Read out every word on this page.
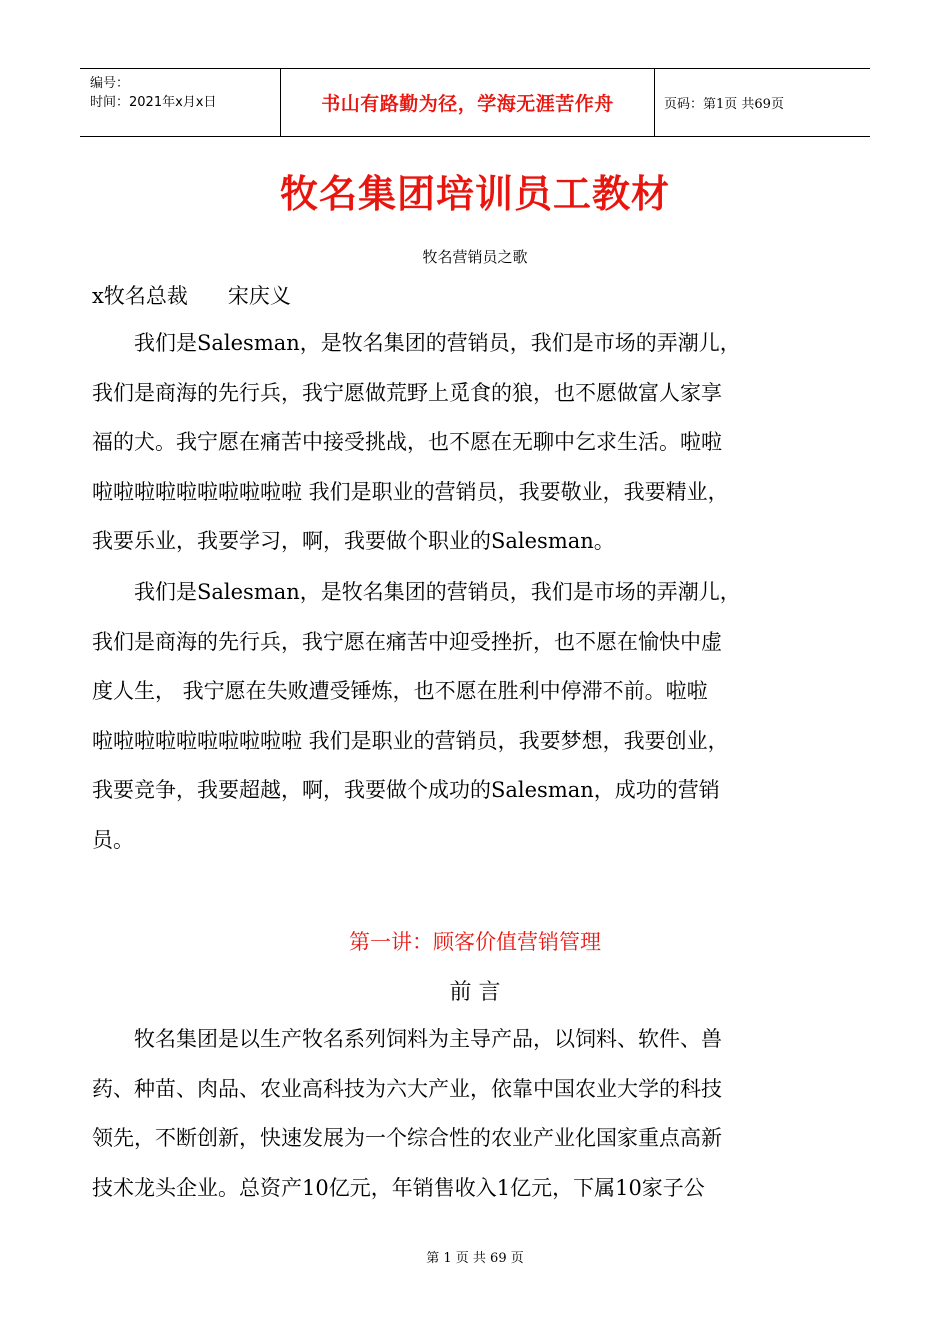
编号：
时间：2021年x月x日	书山有路勤为径，学海无涯苦作舟	页码：第1页 共69页
牧名集团培训员工教材
牧名营销员之歌
x牧名总裁      宋庆义
　　我们是Salesman，是牧名集团的营销员，我们是市场的弄潮儿，
我们是商海的先行兵，我宁愿做荒野上觅食的狼，也不愿做富人家享
福的犬。我宁愿在痛苦中接受挑战，也不愿在无聊中乞求生活。啦啦
啦啦啦啦啦啦啦啦啦啦 我们是职业的营销员，我要敬业，我要精业，
我要乐业，我要学习，啊，我要做个职业的Salesman。
　　我们是Salesman，是牧名集团的营销员，我们是市场的弄潮儿，
我们是商海的先行兵，我宁愿在痛苦中迎受挫折，也不愿在愉快中虚
度人生， 我宁愿在失败遭受锤炼，也不愿在胜利中停滞不前。啦啦
啦啦啦啦啦啦啦啦啦啦 我们是职业的营销员，我要梦想，我要创业，
我要竞争，我要超越，啊，我要做个成功的Salesman，成功的营销
员。
第一讲：顾客价值营销管理
前 言
　　牧名集团是以生产牧名系列饲料为主导产品，以饲料、软件、兽
药、种苗、肉品、农业高科技为六大产业，依靠中国农业大学的科技
领先，不断创新，快速发展为一个综合性的农业产业化国家重点高新
技术龙头企业。总资产10亿元，年销售收入1亿元，下属10家子公
第 1 页 共 69 页
